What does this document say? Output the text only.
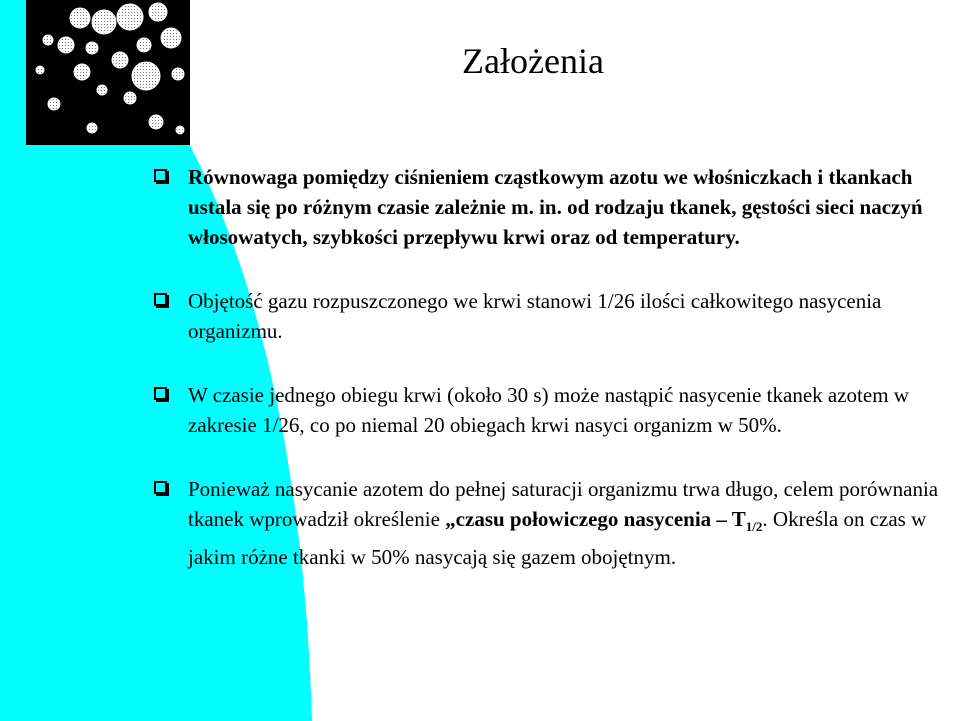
Założenia
Równowaga pomiędzy ciśnieniem cząstkowym azotu we włośniczkach i tkankach ustala się po różnym czasie zależnie m. in. od rodzaju tkanek, gęstości sieci naczyń włosowatych, szybkości przepływu krwi oraz od temperatury.
Objętość gazu rozpuszczonego we krwi stanowi 1/26 ilości całkowitego nasycenia organizmu.
W czasie jednego obiegu krwi (około 30 s) może nastąpić nasycenie tkanek azotem w zakresie 1/26, co po niemal 20 obiegach krwi nasyci organizm w 50%.
Ponieważ nasycanie azotem do pełnej saturacji organizmu trwa długo, celem porównania tkanek wprowadził określenie „czasu połowiczego nasycenia – $T_{1/2}$. Określa on czas w jakim różne tkanki w 50% nasycają się gazem obojętnym.
